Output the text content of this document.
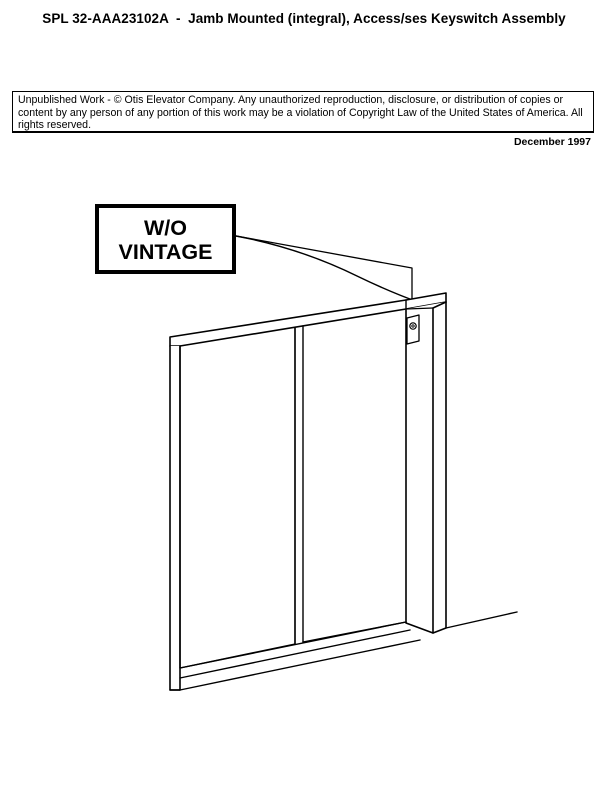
SPL 32-AAA23102A  -  Jamb Mounted (integral), Access/ses Keyswitch Assembly
Unpublished Work - © Otis Elevator Company. Any unauthorized reproduction, disclosure, or distribution of copies or content by any person of any portion of this work may be a violation of Copyright Law of the United States of America. All rights reserved.
December 1997
W/O
VINTAGE
